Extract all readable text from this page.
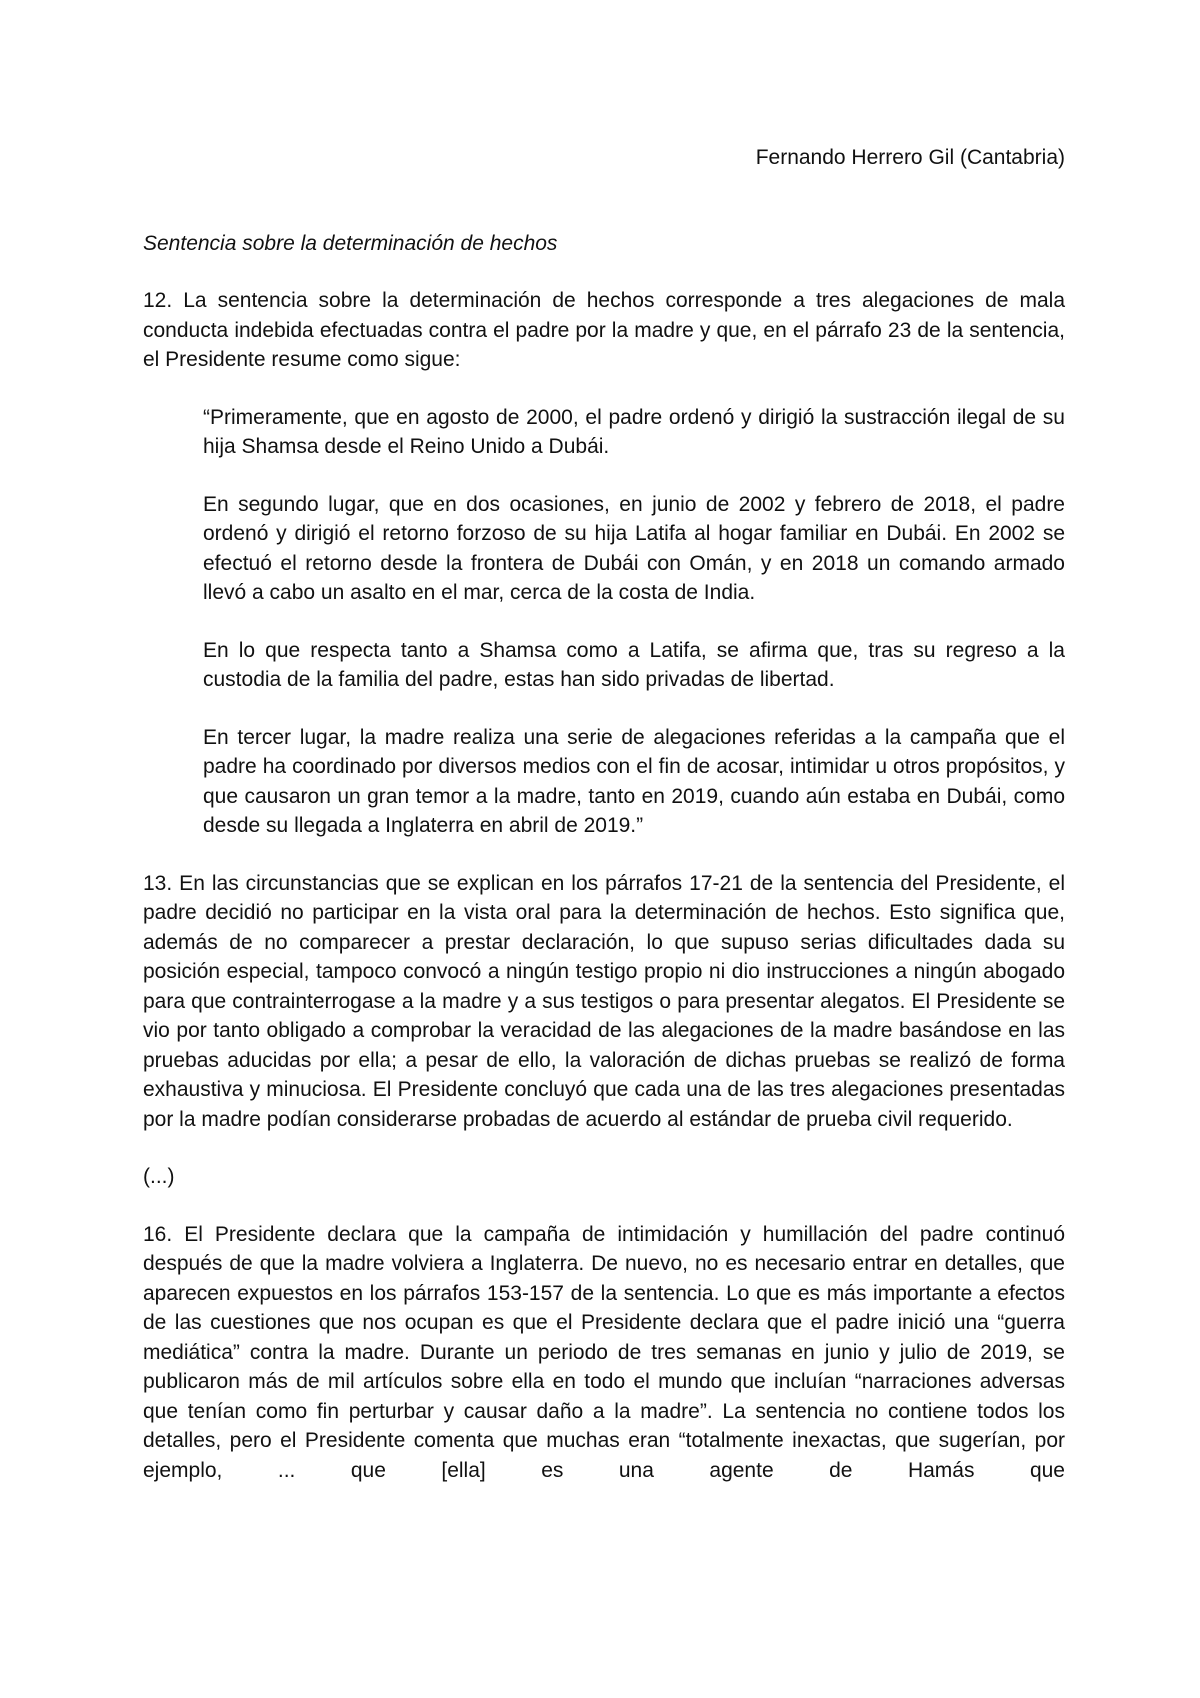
Fernando Herrero Gil (Cantabria)

Sentencia sobre la determinación de hechos

12. La sentencia sobre la determinación de hechos corresponde a tres alegaciones de mala conducta indebida efectuadas contra el padre por la madre y que, en el párrafo 23 de la sentencia, el Presidente resume como sigue:

“Primeramente, que en agosto de 2000, el padre ordenó y dirigió la sustracción ilegal de su hija Shamsa desde el Reino Unido a Dubái.

En segundo lugar, que en dos ocasiones, en junio de 2002 y febrero de 2018, el padre ordenó y dirigió el retorno forzoso de su hija Latifa al hogar familiar en Dubái. En 2002 se efectuó el retorno desde la frontera de Dubái con Omán, y en 2018 un comando armado llevó a cabo un asalto en el mar, cerca de la costa de India.

En lo que respecta tanto a Shamsa como a Latifa, se afirma que, tras su regreso a la custodia de la familia del padre, estas han sido privadas de libertad.

En tercer lugar, la madre realiza una serie de alegaciones referidas a la campaña que el padre ha coordinado por diversos medios con el fin de acosar, intimidar u otros propósitos, y que causaron un gran temor a la madre, tanto en 2019, cuando aún estaba en Dubái, como desde su llegada a Inglaterra en abril de 2019.”

13. En las circunstancias que se explican en los párrafos 17-21 de la sentencia del Presidente, el padre decidió no participar en la vista oral para la determinación de hechos. Esto significa que, además de no comparecer a prestar declaración, lo que supuso serias dificultades dada su posición especial, tampoco convocó a ningún testigo propio ni dio instrucciones a ningún abogado para que contrainterrogase a la madre y a sus testigos o para presentar alegatos. El Presidente se vio por tanto obligado a comprobar la veracidad de las alegaciones de la madre basándose en las pruebas aducidas por ella; a pesar de ello, la valoración de dichas pruebas se realizó de forma exhaustiva y minuciosa. El Presidente concluyó que cada una de las tres alegaciones presentadas por la madre podían considerarse probadas de acuerdo al estándar de prueba civil requerido.

(...)

16. El Presidente declara que la campaña de intimidación y humillación del padre continuó después de que la madre volviera a Inglaterra. De nuevo, no es necesario entrar en detalles, que aparecen expuestos en los párrafos 153-157 de la sentencia. Lo que es más importante a efectos de las cuestiones que nos ocupan es que el Presidente declara que el padre inició una “guerra mediática” contra la madre. Durante un periodo de tres semanas en junio y julio de 2019, se publicaron más de mil artículos sobre ella en todo el mundo que incluían “narraciones adversas que tenían como fin perturbar y causar daño a la madre”. La sentencia no contiene todos los detalles, pero el Presidente comenta que muchas eran “totalmente inexactas, que sugerían, por ejemplo, ... que [ella] es una agente de Hamás que
